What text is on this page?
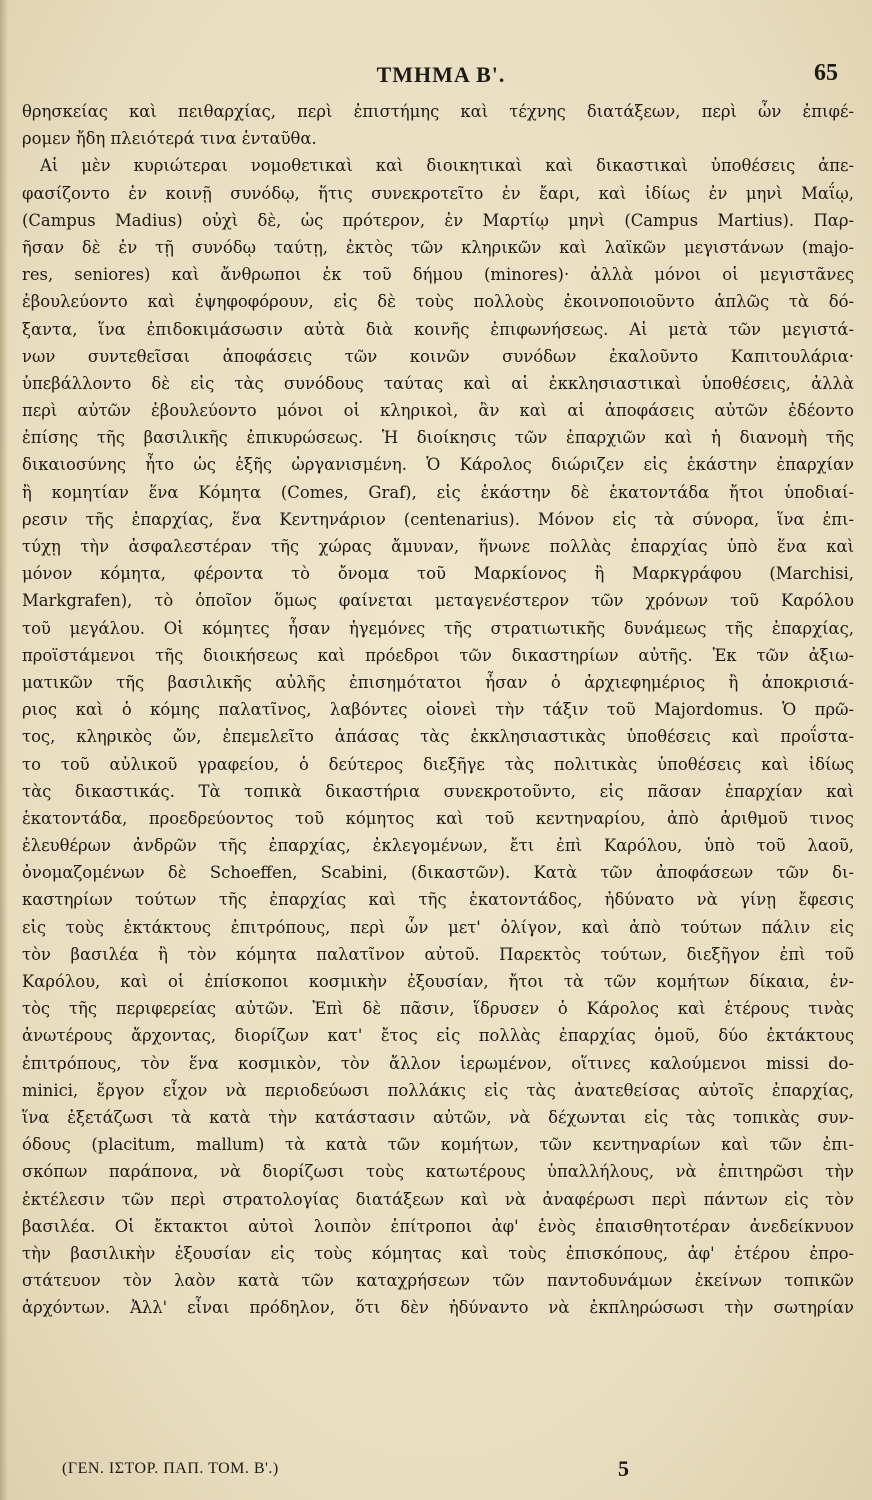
ΤΜΗΜΑ Β'.	65
θρησκείας καὶ πειθαρχίας, περὶ ἐπιστήμης καὶ τέχνης διατάξεων, περὶ ὧν ἐπιφέ-
ρομεν ἤδη πλειότερά τινα ἐνταῦθα.
Αἱ μὲν κυριώτεραι νομοθετικαὶ καὶ διοικητικαὶ καὶ δικαστικαὶ ὑποθέσεις ἀπε-
φασίζοντο ἐν κοινῇ συνόδῳ, ἥτις συνεκροτεῖτο ἐν ἔαρι, καὶ ἰδίως ἐν μηνὶ Μαΐῳ,
(Campus Madius) οὐχὶ δὲ, ὡς πρότερον, ἐν Μαρτίῳ μηνὶ (Campus Martius). Παρ-
ῆσαν δὲ ἐν τῇ συνόδῳ ταύτῃ, ἐκτὸς τῶν κληρικῶν καὶ λαϊκῶν μεγιστάνων (majo-
res, seniores) καὶ ἄνθρωποι ἐκ τοῦ δήμου (minores)· ἀλλὰ μόνοι οἱ μεγιστᾶνες
ἐβουλεύοντο καὶ ἐψηφοφόρουν, εἰς δὲ τοὺς πολλοὺς ἐκοινοποιοῦντο ἁπλῶς τὰ δό-
ξαντα, ἵνα ἐπιδοκιμάσωσιν αὐτὰ διὰ κοινῆς ἐπιφωνήσεως. Αἱ μετὰ τῶν μεγιστά-
νων συντεθεῖσαι ἀποφάσεις τῶν κοινῶν συνόδων ἐκαλοῦντο Καπιτουλάρια·
ὑπεβάλλοντο δὲ εἰς τὰς συνόδους ταύτας καὶ αἱ ἐκκλησιαστικαὶ ὑποθέσεις, ἀλλὰ
περὶ αὐτῶν ἐβουλεύοντο μόνοι οἱ κληρικοὶ, ἂν καὶ αἱ ἀποφάσεις αὐτῶν ἐδέοντο
ἐπίσης τῆς βασιλικῆς ἐπικυρώσεως. Ἡ διοίκησις τῶν ἐπαρχιῶν καὶ ἡ διανομὴ τῆς
δικαιοσύνης ἦτο ὡς ἑξῆς ὠργανισμένη. Ὁ Κάρολος διώριζεν εἰς ἑκάστην ἐπαρχίαν
ἢ κομητίαν ἕνα Κόμητα (Comes, Graf), εἰς ἑκάστην δὲ ἑκατοντάδα ἤτοι ὑποδιαί-
ρεσιν τῆς ἐπαρχίας, ἕνα Κεντηνάριον (centenarius). Μόνον εἰς τὰ σύνορα, ἵνα ἐπι-
τύχῃ τὴν ἀσφαλεστέραν τῆς χώρας ἄμυναν, ἥνωνε πολλὰς ἐπαρχίας ὑπὸ ἕνα καὶ
μόνον κόμητα, φέροντα τὸ ὄνομα τοῦ Μαρκίονος ἢ Μαρκγράφου (Marchisi,
Markgrafen), τὸ ὁποῖον ὅμως φαίνεται μεταγενέστερον τῶν χρόνων τοῦ Καρόλου
τοῦ μεγάλου. Οἱ κόμητες ἦσαν ἡγεμόνες τῆς στρατιωτικῆς δυνάμεως τῆς ἐπαρχίας,
προϊστάμενοι τῆς διοικήσεως καὶ πρόεδροι τῶν δικαστηρίων αὐτῆς. Ἐκ τῶν ἀξιω-
ματικῶν τῆς βασιλικῆς αὐλῆς ἐπισημότατοι ἦσαν ὁ ἀρχιεφημέριος ἢ ἀποκρισιά-
ριος καὶ ὁ κόμης παλατῖνος, λαβόντες οἱονεὶ τὴν τάξιν τοῦ Majordomus. Ὁ πρῶ-
τος, κληρικὸς ὤν, ἐπεμελεῖτο ἁπάσας τὰς ἐκκλησιαστικὰς ὑποθέσεις καὶ προΐστα-
το τοῦ αὐλικοῦ γραφείου, ὁ δεύτερος διεξῆγε τὰς πολιτικὰς ὑποθέσεις καὶ ἰδίως
τὰς δικαστικάς. Τὰ τοπικὰ δικαστήρια συνεκροτοῦντο, εἰς πᾶσαν ἐπαρχίαν καὶ
ἑκατοντάδα, προεδρεύοντος τοῦ κόμητος καὶ τοῦ κεντηναρίου, ἀπὸ ἀριθμοῦ τινος
ἐλευθέρων ἀνδρῶν τῆς ἐπαρχίας, ἐκλεγομένων, ἔτι ἐπὶ Καρόλου, ὑπὸ τοῦ λαοῦ,
ὀνομαζομένων δὲ Schoeffen, Scabini, (δικαστῶν). Κατὰ τῶν ἀποφάσεων τῶν δι-
καστηρίων τούτων τῆς ἐπαρχίας καὶ τῆς ἑκατοντάδος, ἠδύνατο νὰ γίνῃ ἔφεσις
εἰς τοὺς ἐκτάκτους ἐπιτρόπους, περὶ ὧν μετ' ὀλίγον, καὶ ἀπὸ τούτων πάλιν εἰς
τὸν βασιλέα ἢ τὸν κόμητα παλατῖνον αὐτοῦ. Παρεκτὸς τούτων, διεξῆγον ἐπὶ τοῦ
Καρόλου, καὶ οἱ ἐπίσκοποι κοσμικὴν ἐξουσίαν, ἤτοι τὰ τῶν κομήτων δίκαια, ἐν-
τὸς τῆς περιφερείας αὐτῶν. Ἐπὶ δὲ πᾶσιν, ἵδρυσεν ὁ Κάρολος καὶ ἑτέρους τινὰς
ἀνωτέρους ἄρχοντας, διορίζων κατ' ἔτος εἰς πολλὰς ἐπαρχίας ὁμοῦ, δύο ἐκτάκτους
ἐπιτρόπους, τὸν ἕνα κοσμικὸν, τὸν ἄλλον ἱερωμένον, οἵτινες καλούμενοι missi do-
minici, ἔργον εἶχον νὰ περιοδεύωσι πολλάκις εἰς τὰς ἀνατεθείσας αὐτοῖς ἐπαρχίας,
ἵνα ἐξετάζωσι τὰ κατὰ τὴν κατάστασιν αὐτῶν, νὰ δέχωνται εἰς τὰς τοπικὰς συν-
όδους (placitum, mallum) τὰ κατὰ τῶν κομήτων, τῶν κεντηναρίων καὶ τῶν ἐπι-
σκόπων παράπονα, νὰ διορίζωσι τοὺς κατωτέρους ὑπαλλήλους, νὰ ἐπιτηρῶσι τὴν
ἐκτέλεσιν τῶν περὶ στρατολογίας διατάξεων καὶ νὰ ἀναφέρωσι περὶ πάντων εἰς τὸν
βασιλέα. Οἱ ἔκτακτοι αὐτοὶ λοιπὸν ἐπίτροποι ἀφ' ἑνὸς ἐπαισθητοτέραν ἀνεδείκνυον
τὴν βασιλικὴν ἐξουσίαν εἰς τοὺς κόμητας καὶ τοὺς ἐπισκόπους, ἀφ' ἑτέρου ἐπρο-
στάτευον τὸν λαὸν κατὰ τῶν καταχρήσεων τῶν παντοδυνάμων ἐκείνων τοπικῶν
ἀρχόντων. Ἀλλ' εἶναι πρόδηλον, ὅτι δὲν ἠδύναντο νὰ ἐκπληρώσωσι τὴν σωτηρίαν
(ΓΕΝ. ΙΣΤΟΡ. ΠΑΠ. ΤΟΜ. Β'.)	5
